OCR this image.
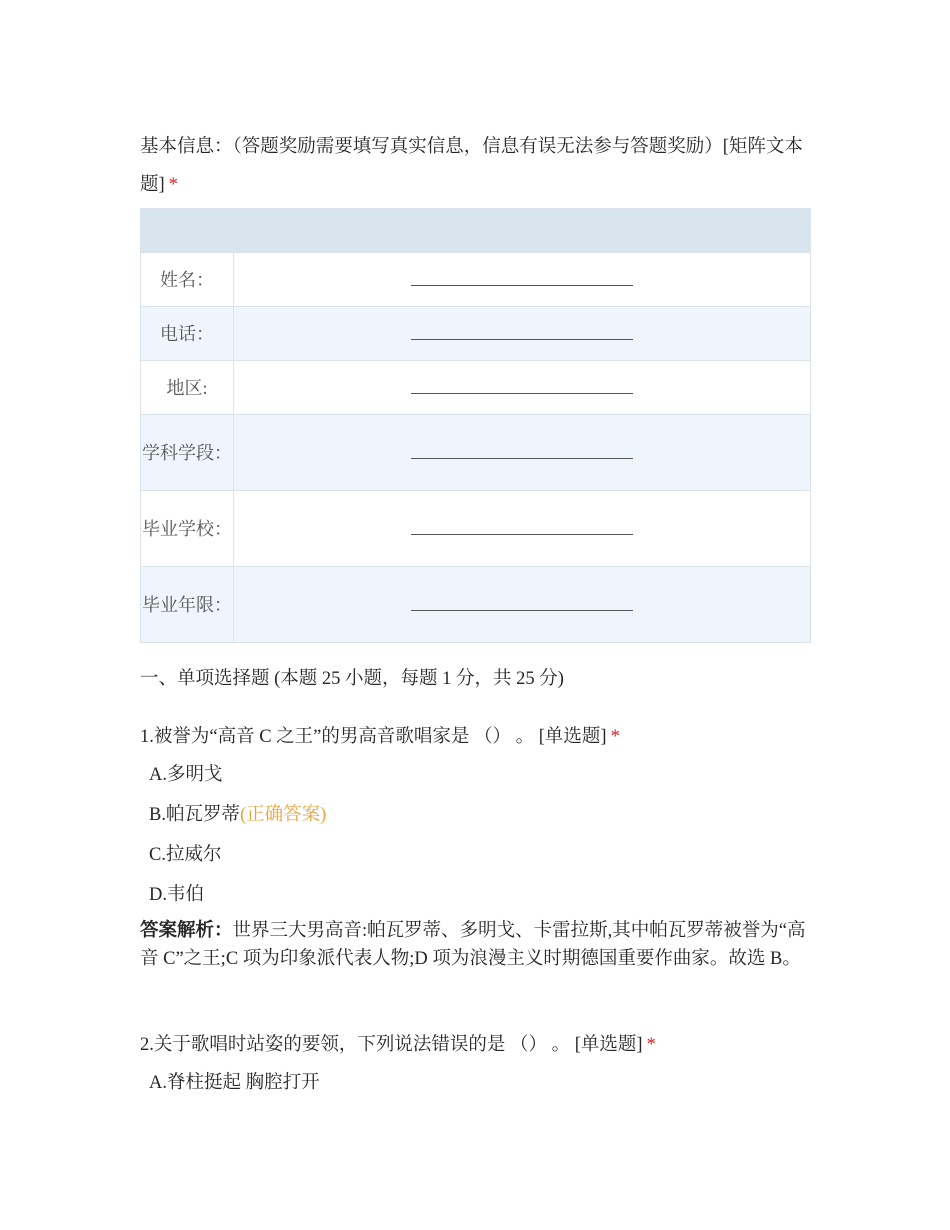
基本信息：（答题奖励需要填写真实信息，信息有误无法参与答题奖励）[矩阵文本题] *

姓名：	

电话：	

地区:	

学科学段：	

毕业学校：	

毕业年限：	
一、单项选择题 (本题 25 小题，每题 1 分，共 25 分)
1.被誉为“高音 C 之王”的男高音歌唱家是 （） 。 [单选题] *
A.多明戈
B.帕瓦罗蒂(正确答案)
C.拉威尔
D.韦伯
答案解析：世界三大男高音:帕瓦罗蒂、多明戈、卡雷拉斯,其中帕瓦罗蒂被誉为“高音 C”之王;C 项为印象派代表人物;D 项为浪漫主义时期德国重要作曲家。故选 B。
2.关于歌唱时站姿的要领，下列说法错误的是 （） 。 [单选题] *
A.脊柱挺起 胸腔打开
